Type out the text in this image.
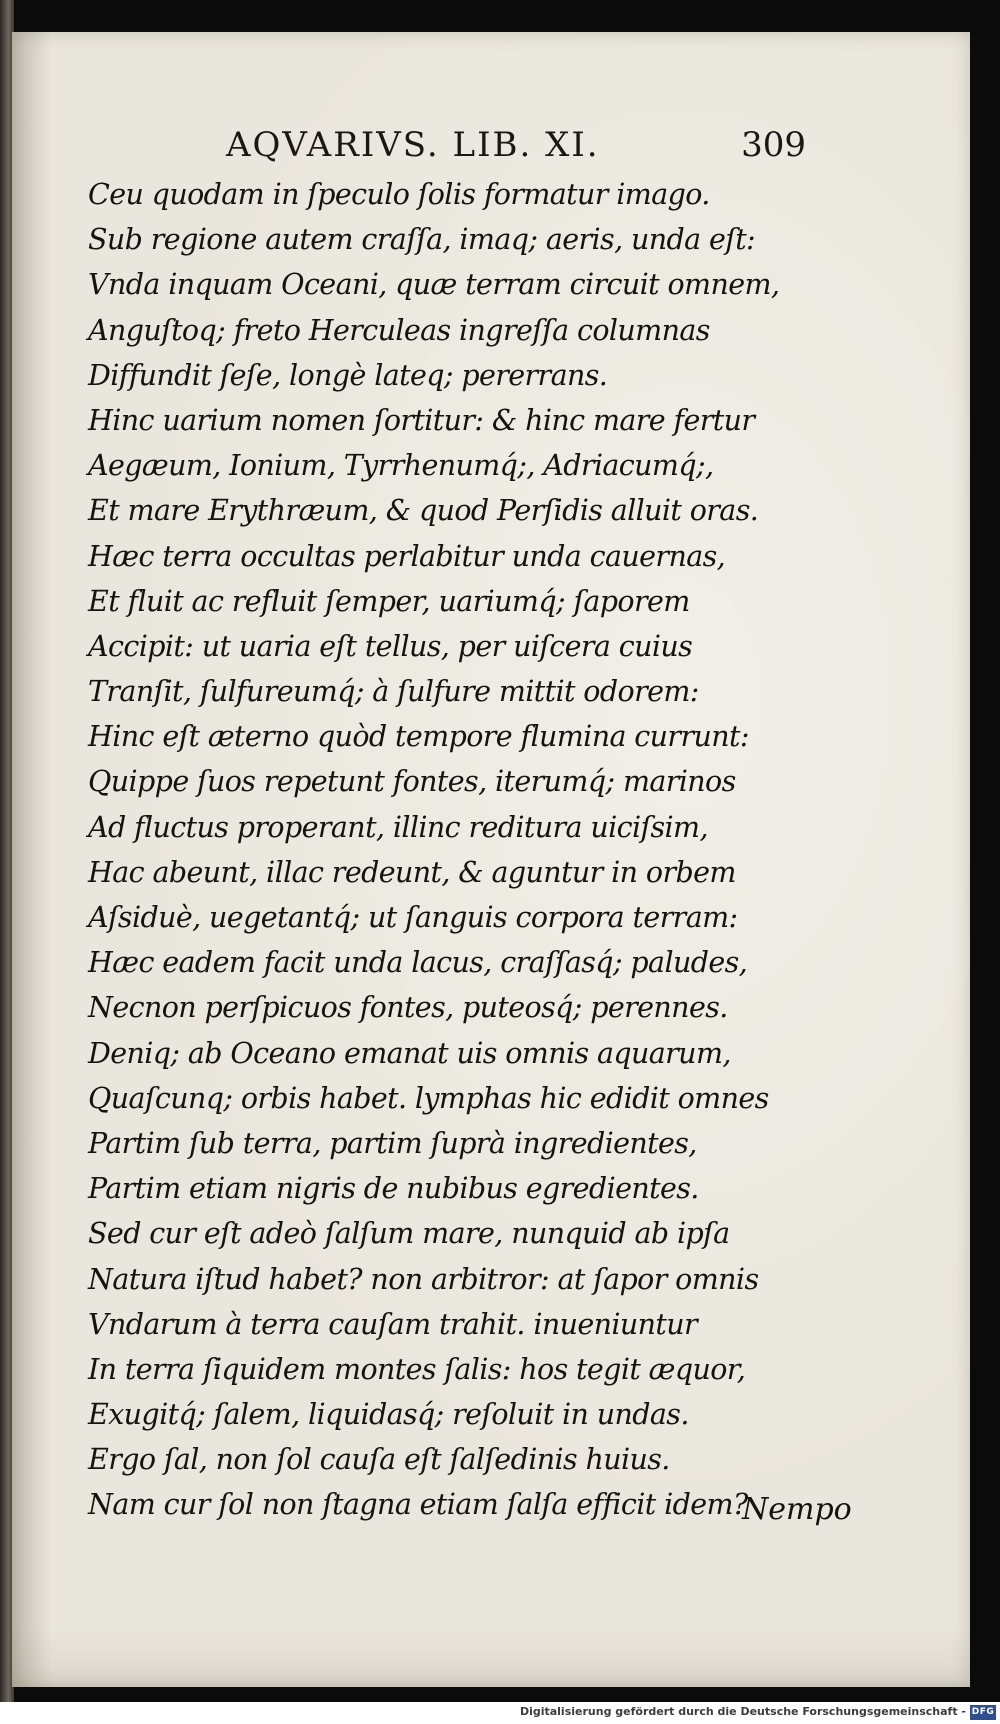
AQVARIVS. LIB. XI.	309
Ceu quodam in ſpeculo ſolis formatur imago.
Sub regione autem craſſa, imaq; aeris, unda eſt:
Vnda inquam Oceani, quæ terram circuit omnem,
Anguſtoq; freto Herculeas ingreſſa columnas
Diffundit ſeſe, longè lateq; pererrans.
Hinc uarium nomen ſortitur: & hinc mare fertur
Aegæum, Ionium, Tyrrhenumq́;, Adriacumq́;,
Et mare Erythræum, & quod Perſidis alluit oras.
Hæc terra occultas perlabitur unda cauernas,
Et fluit ac refluit ſemper, uariumq́; ſaporem
Accipit: ut uaria eſt tellus, per uiſcera cuius
Tranſit, ſulfureumq́; à ſulfure mittit odorem:
Hinc eſt æterno quòd tempore flumina currunt:
Quippe ſuos repetunt fontes, iterumq́; marinos
Ad fluctus properant, illinc reditura uiciſsim,
Hac abeunt, illac redeunt, & aguntur in orbem
Aſsiduè, uegetantq́; ut ſanguis corpora terram:
Hæc eadem facit unda lacus, craſſasq́; paludes,
Necnon perſpicuos fontes, puteosq́; perennes.
Deniq; ab Oceano emanat uis omnis aquarum,
Quaſcunq; orbis habet. lymphas hic edidit omnes
Partim ſub terra, partim ſuprà ingredientes,
Partim etiam nigris de nubibus egredientes.
Sed cur eſt adeò ſalſum mare, nunquid ab ipſa
Natura iſtud habet? non arbitror: at ſapor omnis
Vndarum à terra cauſam trahit. inueniuntur
In terra ſiquidem montes ſalis: hos tegit æquor,
Exugitq́; ſalem, liquidasq́; reſoluit in undas.
Ergo ſal, non ſol cauſa eſt ſalſedinis huius.
Nam cur ſol non ſtagna etiam ſalſa efficit idem?
Nempo
Digitalisierung gefördert durch die Deutsche Forschungsgemeinschaft - DFG
